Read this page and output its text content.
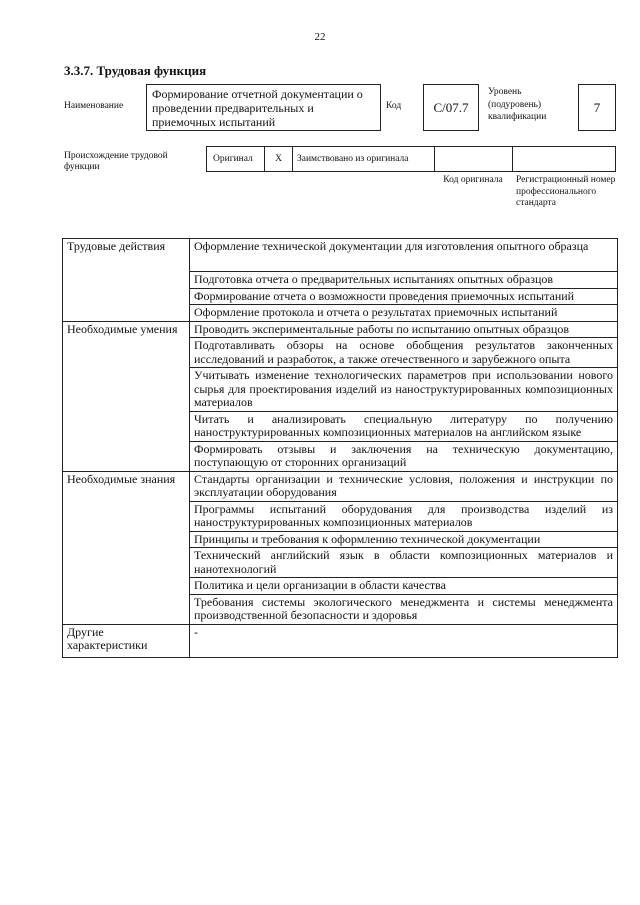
22
3.3.7. Трудовая функция
Наименование
Формирование отчетной документации о проведении предварительных и приемочных испытаний
Код	С/07.7
Уровень
(подуровень)
квалификации
7
Происхождение трудовой функции
Оригинал	X	Заимствовано из оригинала
Код оригинала	Регистрационный номер профессионального стандарта
Трудовые действия	Оформление технической документации для изготовления опытного образца
	Подготовка отчета о предварительных испытаниях опытных образцов
	Формирование отчета о возможности проведения приемочных испытаний
	Оформление протокола и отчета о результатах приемочных испытаний
Необходимые умения	Проводить экспериментальные работы по испытанию опытных образцов
	Подготавливать обзоры на основе обобщения результатов законченных исследований и разработок, а также отечественного и зарубежного опыта
	Учитывать изменение технологических параметров при использовании нового сырья для проектирования изделий из наноструктурированных композиционных материалов
	Читать и анализировать специальную литературу по получению наноструктурированных композиционных материалов на английском языке
	Формировать отзывы и заключения на техническую документацию, поступающую от сторонних организаций
Необходимые знания	Стандарты организации и технические условия, положения и инструкции по эксплуатации оборудования
	Программы испытаний оборудования для производства изделий из наноструктурированных композиционных материалов
	Принципы и требования к оформлению технической документации
	Технический английский язык в области композиционных материалов и нанотехнологий
	Политика и цели организации в области качества
	Требования системы экологического менеджмента и системы менеджмента производственной безопасности и здоровья
Другие характеристики	-
